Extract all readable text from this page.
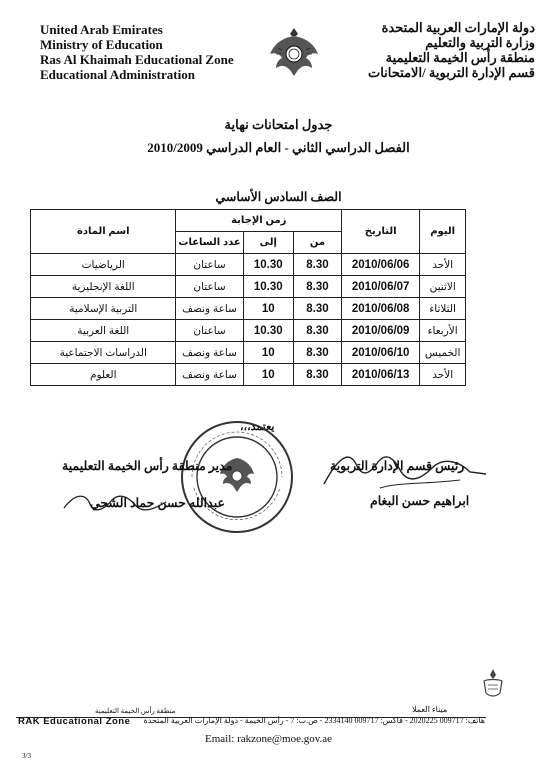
United Arab Emirates
Ministry of Education
Ras Al Khaimah Educational Zone
Educational Administration
دولة الإمارات العربية المتحدة
وزارة التربية والتعليم
منطقة رأس الخيمة التعليمية
قسم الإدارة التربوية /الامتحانات
جدول امتحانات نهاية
الفصل الدراسي الثاني - العام الدراسي 2010/2009
الصف السادس الأساسي
اليوم	التاريخ	زمن الإجابة			اسم المادة
		من	إلى	عدد الساعات	
الأحد	2010/06/06	8.30	10.30	ساعتان	الرياضيات
الاثنين	2010/06/07	8.30	10.30	ساعتان	اللغة الإنجليزية
الثلاثاء	2010/06/08	8.30	10	ساعة ونصف	التربية الإسلامية
الأربعاء	2010/06/09	8.30	10.30	ساعتان	اللغة العربية
الخميس	2010/06/10	8.30	10	ساعة ونصف	الدراسات الاجتماعية
الأحد	2010/06/13	8.30	10	ساعة ونصف	العلوم
يعتمد،،،
رئيس قسم الإدارة التربوية
ابراهيم حسن البغام
مدير منطقة رأس الخيمة التعليمية
عبدالله حسن حماد الشحي
ميناء العملا
منطقة رأس الخيمة التعليمية
RAK Educational Zone	هاتف: 009717 2020225 - فاكس: 009717 2334140 - ص.ب: 7 - رأس الخيمة - دولة الإمارات العربية المتحدة
Email: rakzone@moe.gov.ae
3/3
